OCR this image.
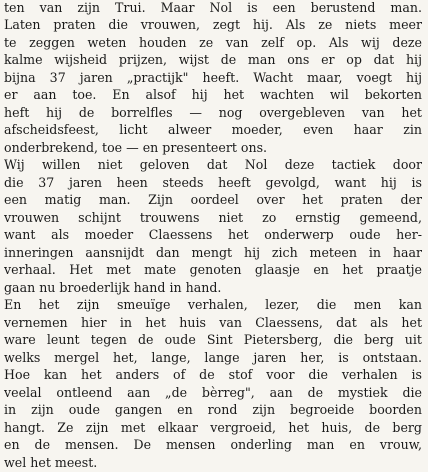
ten van zijn Trui. Maar Nol is een berustend man.
Laten praten die vrouwen, zegt hij. Als ze niets meer
te zeggen weten houden ze van zelf op. Als wij deze
kalme wijsheid prijzen, wijst de man ons er op dat hij
bijna 37 jaren „practijk" heeft. Wacht maar, voegt hij
er aan toe. En alsof hij het wachten wil bekorten
heft hij de borrelfles — nog overgebleven van het
afscheidsfeest, licht alweer moeder, even haar zin
onderbrekend, toe — en presenteert ons.
Wij willen niet geloven dat Nol deze tactiek door
die 37 jaren heen steeds heeft gevolgd, want hij is
een matig man. Zijn oordeel over het praten der
vrouwen schijnt trouwens niet zo ernstig gemeend,
want als moeder Claessens het onderwerp oude her-
inneringen aansnijdt dan mengt hij zich meteen in haar
verhaal. Het met mate genoten glaasje en het praatje
gaan nu broederlijk hand in hand.
En het zijn smeuïge verhalen, lezer, die men kan
vernemen hier in het huis van Claessens, dat als het
ware leunt tegen de oude Sint Pietersberg, die berg uit
welks mergel het, lange, lange jaren her, is ontstaan.
Hoe kan het anders of de stof voor die verhalen is
veelal ontleend aan „de bèrreg", aan de mystiek die
in zijn oude gangen en rond zijn begroeide boorden
hangt. Ze zijn met elkaar vergroeid, het huis, de berg
en de mensen. De mensen onderling man en vrouw,
wel het meest.
